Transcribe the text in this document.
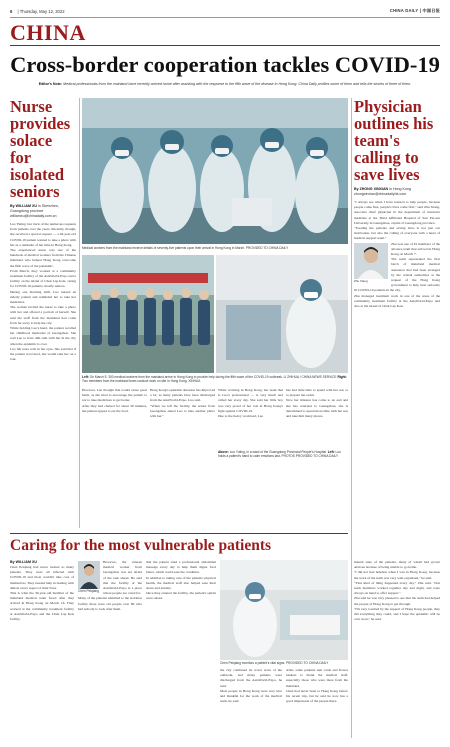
6 | Thursday, May 12, 2022	CHINA DAILY | 中国日报
CHINA
Cross-border cooperation tackles COVID-19
Editor's Note: Medical professionals from the mainland have recently arrived home after assisting with the response to the fifth wave of the disease in Hong Kong. China Daily profiles some of them and tells the stories of three of them.
Nurse provides solace for isolated seniors
By WILLIAM XU in Shenzhen, Guangdong province
williamxu@chinadaily.com.cn

Luo Yuting lost track of the numerous requests from patients over the years. Recently, though, she received a special request — a 94-year-old COVID-19 patient wanted to take a photo with her as a reminder of her time in Hong Kong.

The experienced nurse was one of the hundreds of medical workers from the Chinese mainland who helped Hong Kong overcome the fifth wave of the pandemic.

From March, they worked at a community treatment facility of the AsiaWorld-Expo and a facility on the island of Chek Lap Kok, caring for COVID-19 patients, mostly seniors.

During one morning shift, Luo nursed an elderly patient and reminded her to take her medicines.

The woman invited the nurse to take a photo with her and offered a portrait of herself. She said the staff from the mainland had come from far away to help the city.

While holding Luo's hand, the patient recalled her childhood memories of Guangzhou. She told Luo to have dim sum with her in the city when the epidemic is over.

Luo felt tears well in her eyes. She said that if the patient recovered, she would take her on a tour.

Medical workers from the mainland receive details of seventy-five patients upon their arrival in Hong Kong in March. PROVIDED TO CHINA DAILY
Left: On March 5, 300 medical workers from the mainland arrive in Hong Kong to provide help during the fifth wave of the COVID-19 outbreak. LI ZHIHUA / CHINA NEWS SERVICE Right: Two members from the mainland team conduct work on site in Hong Kong. XINHUA
Physician outlines his team's calling to save lives
By ZHONG XINXIAN in Hong Kong
zhongxinxian@chinadailyhk.com

"I always see when I have learned to help people, because people come first, people's lives come first," said Zhu Xiang, associate chief physician in the department of intensive medicine at the Third Affiliated Hospital of Sun Yat-sen University in Guangzhou, capital of Guangdong province.

"Treating the patients and saving lives is not just our motivation, but also the calling of everyone with a heart of medical support team."

Zhu Xiang

Zhu was one of 81 members of the advance team that arrived in Hong Kong on March 7.

The team represented the first batch of mainland medical assistance that had been arranged by the central authorities at the request of the Hong Kong government to help treat seriously ill COVID-19 patients in the city.

Zhu managed treatment work in one of the areas of the community treatment facility at the AsiaWorld-Expo and also at the island of Chek Lap Kok.

However, Luo thought this would cause great harm, as she tried to encourage the patient to not to take medicines to get better.

After they had chatted for about 30 minutes, the patient agreed to eat the food.

Hong Kong's epidemic situation has improved a lot, as many patients have been discharged from the AsiaWorld-Expo, Luo said.

"When we left the facility, the senior from Guangzhou asked Luo to take another photo with her."

While working in Hong Kong, her team that is Luo's professional — is very much and called her every day. She said her little boy was very proud of her role in Hong Kong's fight against COVID-19.

Due to the heavy workload, Luo

has had little time to spend with her son or to prepare her exam.

Now her mission has come to an end and she has returned to Guangzhou, she is determined to spend more time with her son and take him many places.

Above: Luo Yuting, in a ward of the Guangdong Provincial People's Hospital. Left: Luo holds a patient's hand to calm emotions last. PHOTOS PROVIDED TO CHINA DAILY
Caring for the most vulnerable patients
By WILLIAM XU

Chen Peiqiang had never treated so many patients. They were all infected with COVID-19 and most couldn't take care of themselves. They needed help in dealing with almost every aspect of their lives.

This is what the 30-year-old member of the mainland medical team faced after they arrived in Hong Kong on March 16. They worked at the community treatment facility at AsiaWorld-Expo and the Chek Lap Kok facility.

Chen Peiqiang

However, the veteran medical worker from Guangzhou was not afraid of the task ahead. He said that the facility at the AsiaWorld-Expo is a place where people are cared for.

Many of the patients admitted to the isolation facility there were old people over 80 who had nobody to look after them.

that the patient tried a professional abdominal massage every day to help them digest food better, which could ease the condition.

In addition to taking care of the patients' physical health, the medical staff also helped ease their stress and anxiety.

Once they entered the facility, the patient's spirits were raised.

Chen Peiqiang monitors a patient's vital signs. PROVIDED TO CHINA DAILY

the city continued its worst wave of the outbreak, and many patients were discharged from the AsiaWorld-Expo, he said.

Most people in Hong Kong were very nice and thankful for the work of the medical team, he said.

After, some patients sent cards and flower baskets to thank the medical staff, especially those who were there from the mainland.

Chen had never been to Hong Kong before his recent trip, but he said he now has a good impression of the people there.

mental state of the patients, many of whom had grown anxious because of being unable to go home.

"I did not feel helpless when I was in Hong Kong, because the work of the team was very well-organized," he said.

"That kind of thing happened every day," Zhu said. "Our team members worked together day and night, and were always on hand to offer support."

Zhu said he was very pleased to see that his team had helped the people of Hong Kong to get through.

"I'm very touched by the support of Hong Kong people, they did everything they could, and I hope the epidemic will be over soon," he said.
